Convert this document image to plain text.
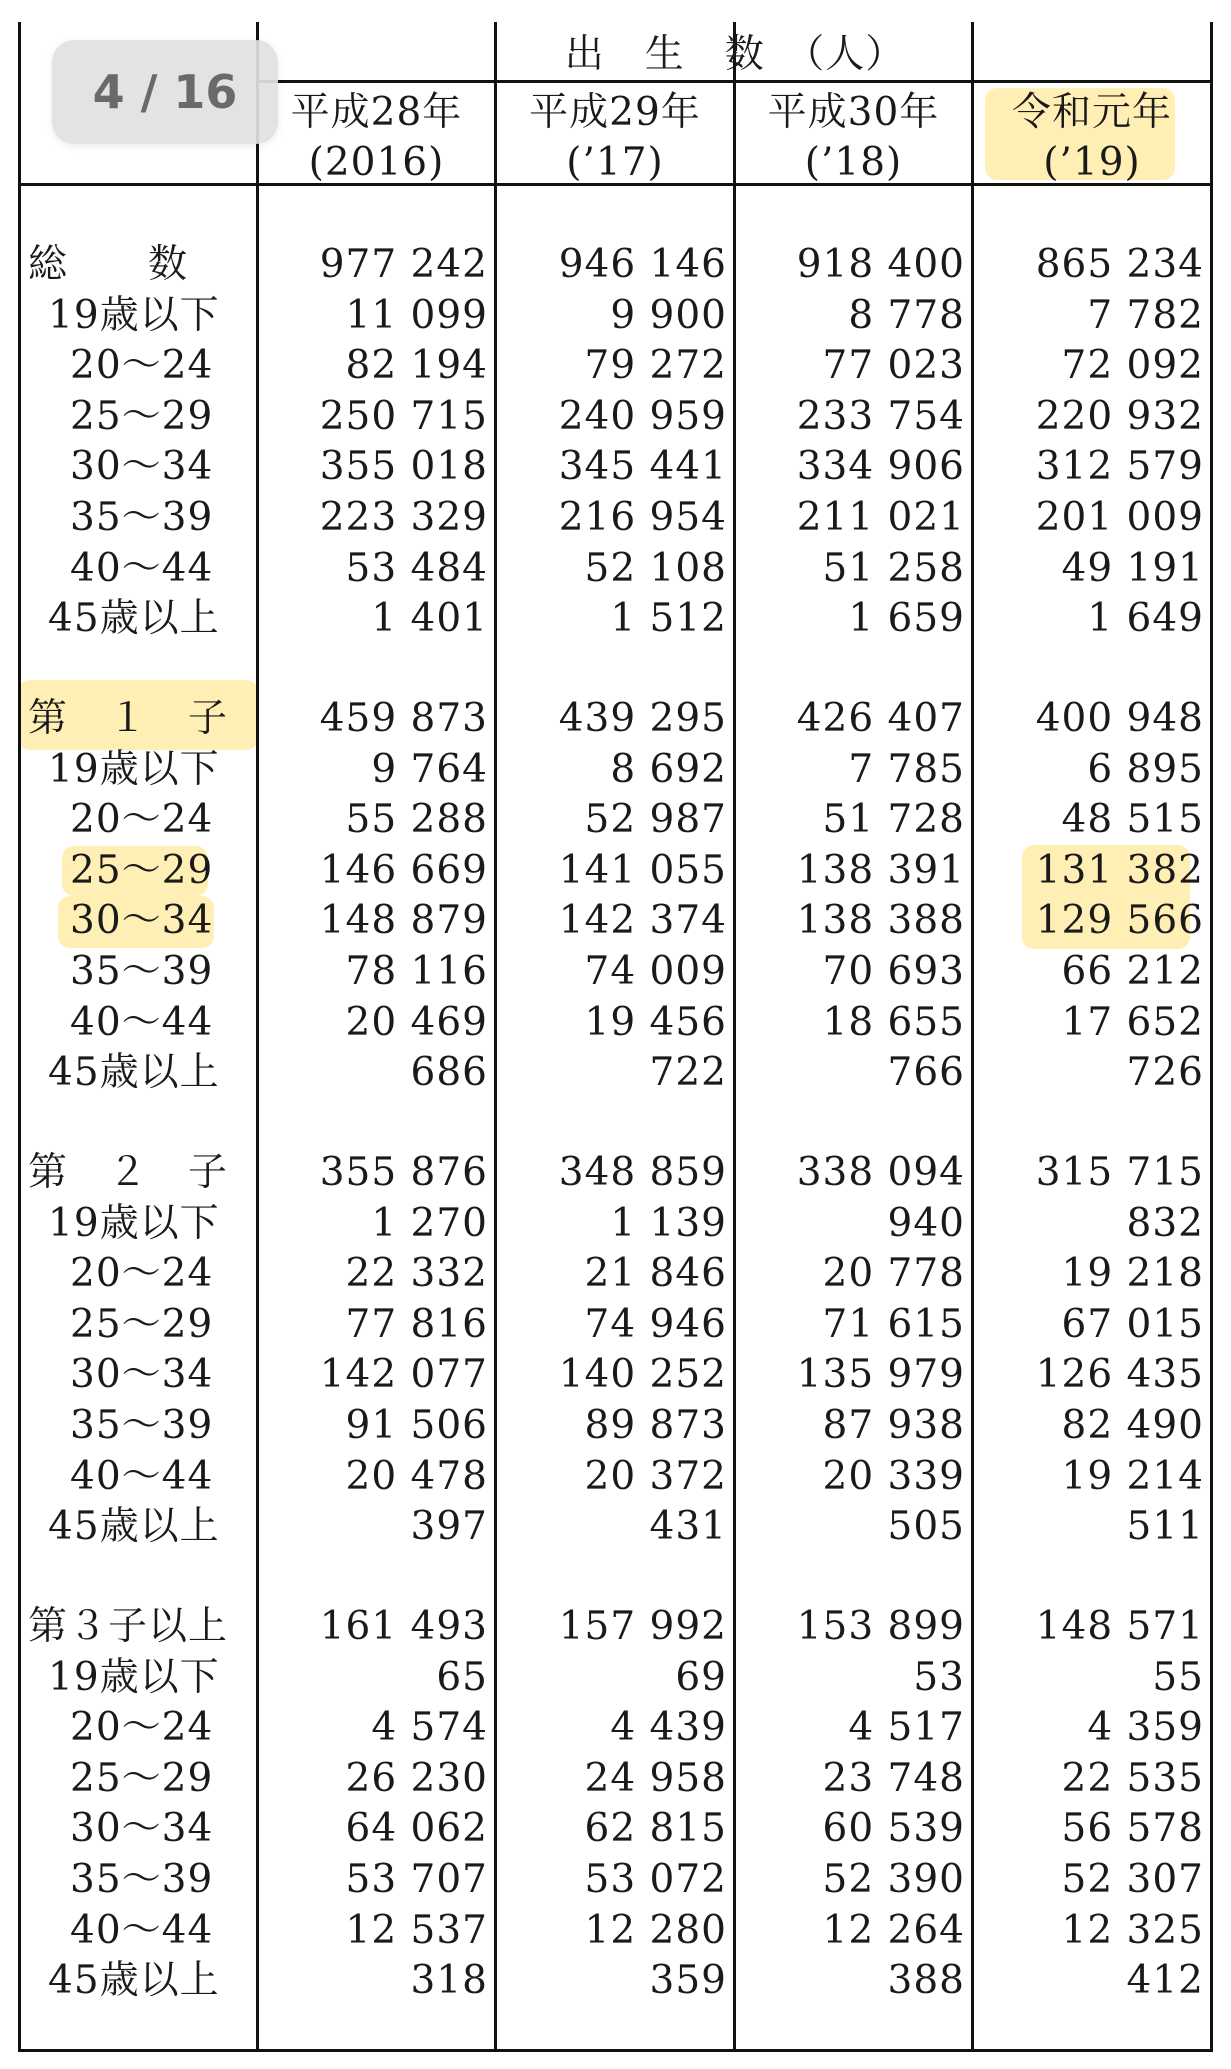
出　生　数　（人）
平成28年
(2016)
平成29年
(’17)
平成30年
(’18)
令和元年
(’19)
4 / 16
総　　数	977 242	946 146	918 400	865 234
19歳以下	11 099	9 900	8 778	7 782
20～24	82 194	79 272	77 023	72 092
25～29	250 715	240 959	233 754	220 932
30～34	355 018	345 441	334 906	312 579
35～39	223 329	216 954	211 021	201 009
40～44	53 484	52 108	51 258	49 191
45歳以上	1 401	1 512	1 659	1 649
第　１　子	459 873	439 295	426 407	400 948
19歳以下	9 764	8 692	7 785	6 895
20～24	55 288	52 987	51 728	48 515
25～29	146 669	141 055	138 391	131 382
30～34	148 879	142 374	138 388	129 566
35～39	78 116	74 009	70 693	66 212
40～44	20 469	19 456	18 655	17 652
45歳以上	686	722	766	726
第　２　子	355 876	348 859	338 094	315 715
19歳以下	1 270	1 139	940	832
20～24	22 332	21 846	20 778	19 218
25～29	77 816	74 946	71 615	67 015
30～34	142 077	140 252	135 979	126 435
35～39	91 506	89 873	87 938	82 490
40～44	20 478	20 372	20 339	19 214
45歳以上	397	431	505	511
第３子以上	161 493	157 992	153 899	148 571
19歳以下	65	69	53	55
20～24	4 574	4 439	4 517	4 359
25～29	26 230	24 958	23 748	22 535
30～34	64 062	62 815	60 539	56 578
35～39	53 707	53 072	52 390	52 307
40～44	12 537	12 280	12 264	12 325
45歳以上	318	359	388	412
